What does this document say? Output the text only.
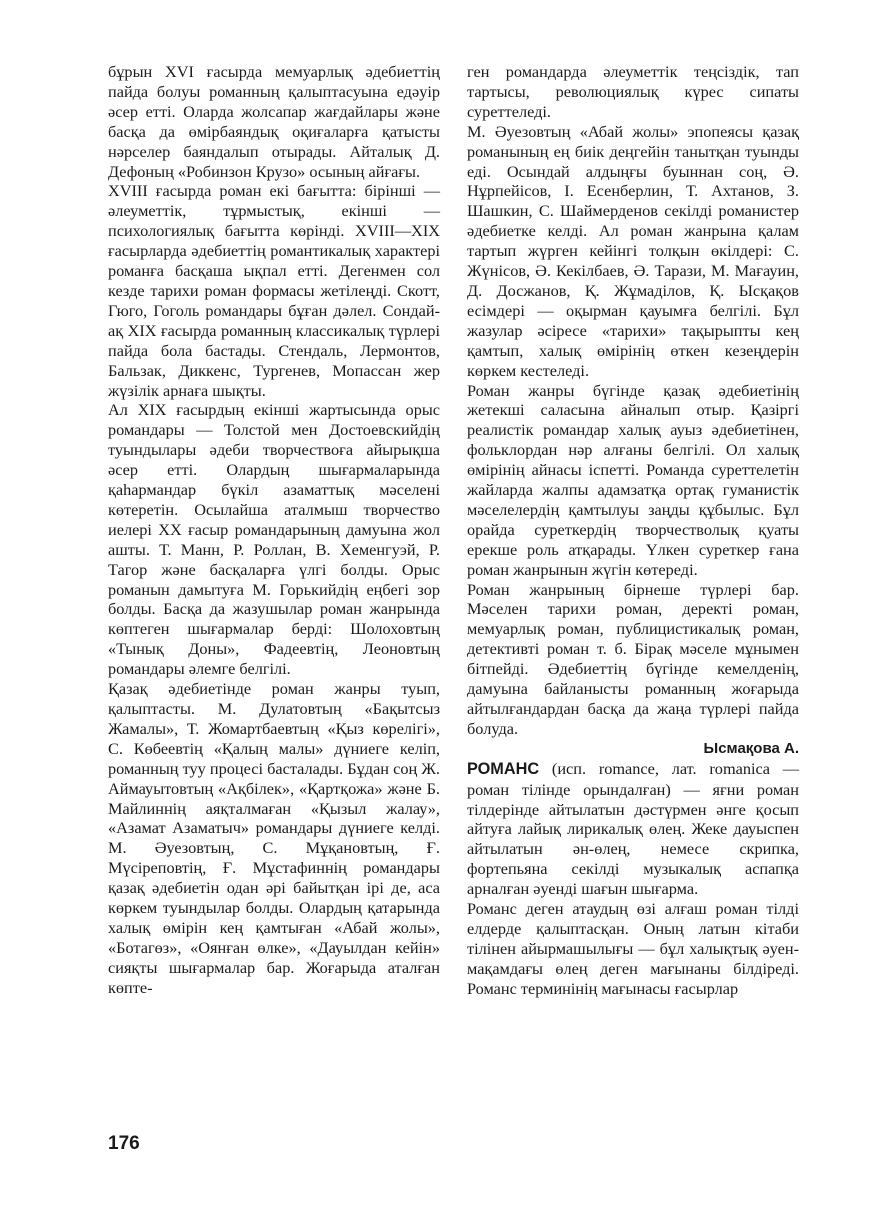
бұрын XVI ғасырда мемуарлық әдебиеттің пайда болуы романның қалыптасуына едәуір әсер етті. Оларда жолсапар жағдайлары және басқа да өмірбаяндық оқиғаларға қатысты нәрселер баяндалып отырады. Айталық Д. Дефоның «Робинзон Крузо» осының айғағы.

XVIII ғасырда роман екі бағытта: біріншi — әлеуметтік, тұрмыстық, екінші — психологиялық бағытта көрінді. XVIII—XIX ғасырларда әдебиеттің романтикалық характері романға басқаша ықпал етті. Дегенмен сол кезде тарихи роман формасы жетілеңді. Скотт, Гюго, Гоголь романдары бұған дәлел. Сондай-ақ XIX ғасырда романның классикалық түрлері пайда бола бастады. Стендаль, Лермонтов, Бальзак, Диккенс, Тургенев, Мопассан жер жүзілік арнаға шықты.

Ал XIX ғасырдың екінші жартысында орыс романдары — Толстой мен Достоевскийдің туындылары әдеби творчествоға айырықша әсер етті. Олардың шығармаларында қаһармандар бүкіл азаматтық мәселені көтеретін. Осылайша аталмыш творчество иелері XX ғасыр романдарының дамуына жол ашты. Т. Манн, Р. Роллан, В. Хеменгуэй, Р. Тагор және басқаларға үлгі болды. Орыс романын дамытуға М. Горькийдің еңбегі зор болды. Басқа да жазушылар роман жанрында көптеген шығармалар берді: Шолоховтың «Тынық Доны», Фадеевтің, Леоновтың романдары әлемге белгілі.

Қазақ әдебиетінде роман жанры туып, қалыптасты. М. Дулатовтың «Бақытсыз Жамалы», Т. Жомартбаевтың «Қыз көрелігі», С. Көбеевтің «Қалың малы» дүниеге келіп, романның туу процесі басталады. Бұдан соң Ж. Аймауытовтың «Ақбілек», «Қартқожа» және Б. Майлиннің аяқталмаған «Қызыл жалау», «Азамат Азаматыч» романдары дүниеге келді. М. Әуезовтың, С. Мұқановтың, Ғ. Мүсіреповтің, Ғ. Мұстафиннің романдары қазақ әдебиетін одан әрі байытқан ірі де, аса көркем туындылар болды. Олардың қатарында халық өмірін кең қамтыған «Абай жолы», «Ботагөз», «Оянған өлке», «Дауылдан кейін» сияқты шығармалар бар. Жоғарыда аталған көпте-

ген романдарда әлеуметтік теңсіздік, тап тартысы, революциялық күрес сипаты суреттеледі.

М. Әуезовтың «Абай жолы» эпопеясы қазақ романының ең биік деңгейін танытқан туынды еді. Осындай алдыңғы буыннан соң, Ә. Нұрпейісов, І. Есенберлин, Т. Ахтанов, З. Шашкин, С. Шаймерденов секілді романистер әдебиетке келді. Ал роман жанрына қалам тартып жүрген кейінгі толқын өкілдері: С. Жүнісов, Ә. Кекілбаев, Ә. Тарази, М. Мағауин, Д. Досжанов, Қ. Жұмаділов, Қ. Ысқақов есімдері — оқырман қауымға белгілі. Бұл жазулар әсіресе «тарихи» тақырыпты кең қамтып, халық өмірінің өткен кезеңдерін көркем кестеледі.

Роман жанры бүгінде қазақ әдебиетінің жетекші саласына айналып отыр. Қазіргі реалистік романдар халық ауыз әдебиетінен, фольклордан нәр алғаны белгілі. Ол халық өмірінің айнасы іспетті. Романда суреттелетін жайларда жалпы адамзатқа ортақ гуманистік мәселелердің қамтылуы заңды құбылыс. Бұл орайда суреткердің творчестволық қуаты ерекше роль атқарады. Үлкен суреткер ғана роман жанрынын жүгін көтереді.

Роман жанрының бірнеше түрлері бар. Мәселен тарихи роман, деректі роман, мемуарлық роман, публицистикалық роман, детективті роман т. б. Бірақ мәселе мұнымен бітпейді. Әдебиеттің бүгінде кемелденің, дамуына байланысты романның жоғарыда айтылғандардан басқа да жаңа түрлері пайда болуда.

Ысмақова А.

РОМАНС (исп. romance, лат. romanica — роман тілінде орындалған) — яғни роман тілдерінде айтылатын дәстүрмен әнге қосып айтуға лайық лирикалық өлең. Жеке дауыспен айтылатын ән-өлең, немесе скрипка, фортепьяна секілді музыкалық аспапқа арналған әуенді шағын шығарма.

Романс деген атаудың өзі алғаш роман тілді елдерде қалыптасқан. Оның латын кітаби тілінен айырмашылығы — бұл халықтық әуен-мақамдағы өлең деген мағынаны білдіреді. Романс терминінің мағынасы ғасырлар

176
